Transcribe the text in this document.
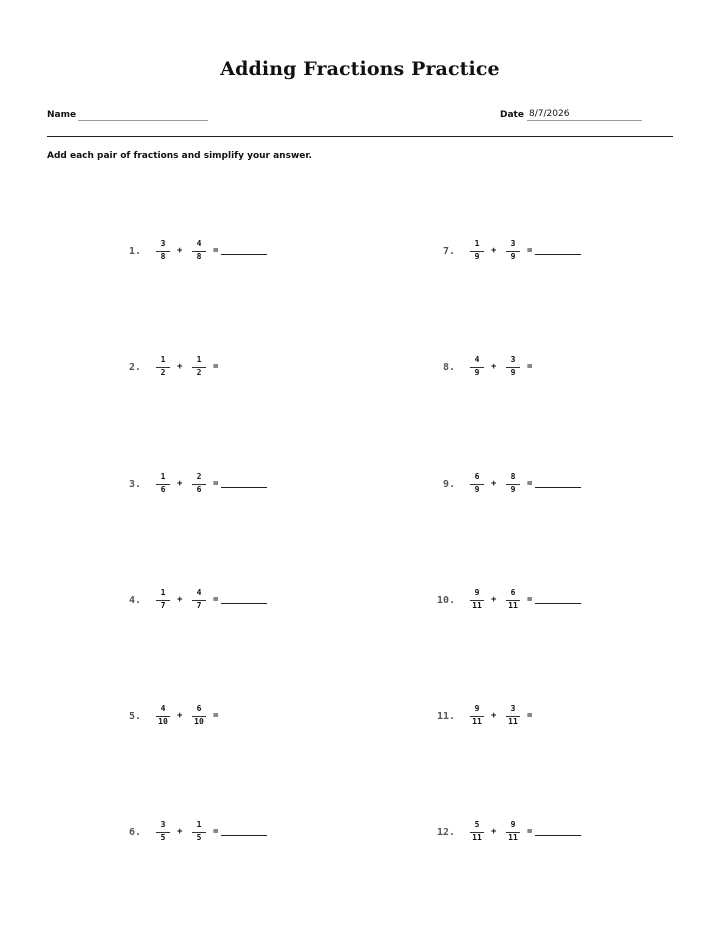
Adding Fractions Practice
Name	Date 8/7/2026
Add each pair of fractions and simplify your answer.
1.
3
8
+
4
8
=
2.
1
2
+
1
2
=
3.
1
6
+
2
6
=
4.
1
7
+
4
7
=
5.
4
10
+
6
10
=
6.
3
5
+
1
5
=
7.
1
9
+
3
9
=
8.
4
9
+
3
9
=
9.
6
9
+
8
9
=
10.
9
11
+
6
11
=
11.
9
11
+
3
11
=
12.
5
11
+
9
11
=
